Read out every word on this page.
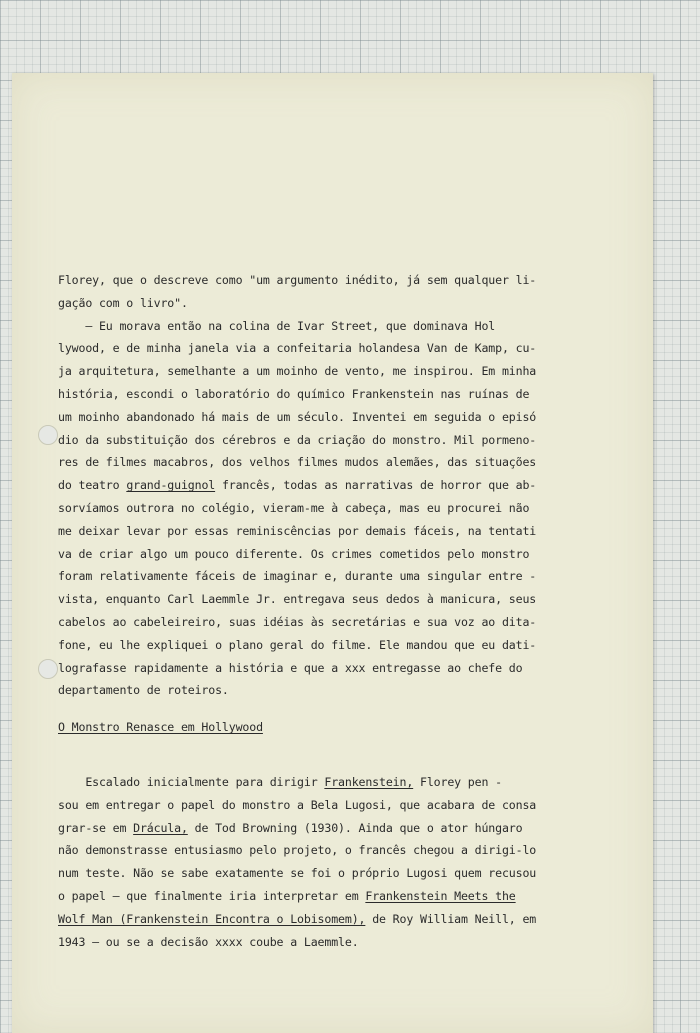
Florey, que o descreve como "um argumento inédito, já sem qualquer li-
gação com o livro".
— Eu morava então na colina de Ivar Street, que dominava Hol
lywood, e de minha janela via a confeitaria holandesa Van de Kamp, cu-
ja arquitetura, semelhante a um moinho de vento, me inspirou. Em minha
história, escondi o laboratório do químico Frankenstein nas ruínas de
um moinho abandonado há mais de um século. Inventei em seguida o episó
dio da substituição dos cérebros e da criação do monstro. Mil pormeno-
res de filmes macabros, dos velhos filmes mudos alemães, das situações
do teatro grand-guignol francês, todas as narrativas de horror que ab-
sorvíamos outrora no colégio, vieram-me à cabeça, mas eu procurei não
me deixar levar por essas reminiscências por demais fáceis, na tentati
va de criar algo um pouco diferente. Os crimes cometidos pelo monstro
foram relativamente fáceis de imaginar e, durante uma singular entre -
vista, enquanto Carl Laemmle Jr. entregava seus dedos à manicura, seus
cabelos ao cabeleireiro, suas idéias às secretárias e sua voz ao dita-
fone, eu lhe expliquei o plano geral do filme. Ele mandou que eu dati-
lografasse rapidamente a história e que a xxx entregasse ao chefe do
departamento de roteiros.
O Monstro Renasce em Hollywood
Escalado inicialmente para dirigir Frankenstein, Florey pen -
sou em entregar o papel do monstro a Bela Lugosi, que acabara de consa
grar-se em Drácula, de Tod Browning (1930). Ainda que o ator húngaro
não demonstrasse entusiasmo pelo projeto, o francês chegou a dirigi-lo
num teste. Não se sabe exatamente se foi o próprio Lugosi quem recusou
o papel — que finalmente iria interpretar em Frankenstein Meets the
Wolf Man (Frankenstein Encontra o Lobisomem), de Roy William Neill, em
1943 — ou se a decisão xxxx coube a Laemmle.
